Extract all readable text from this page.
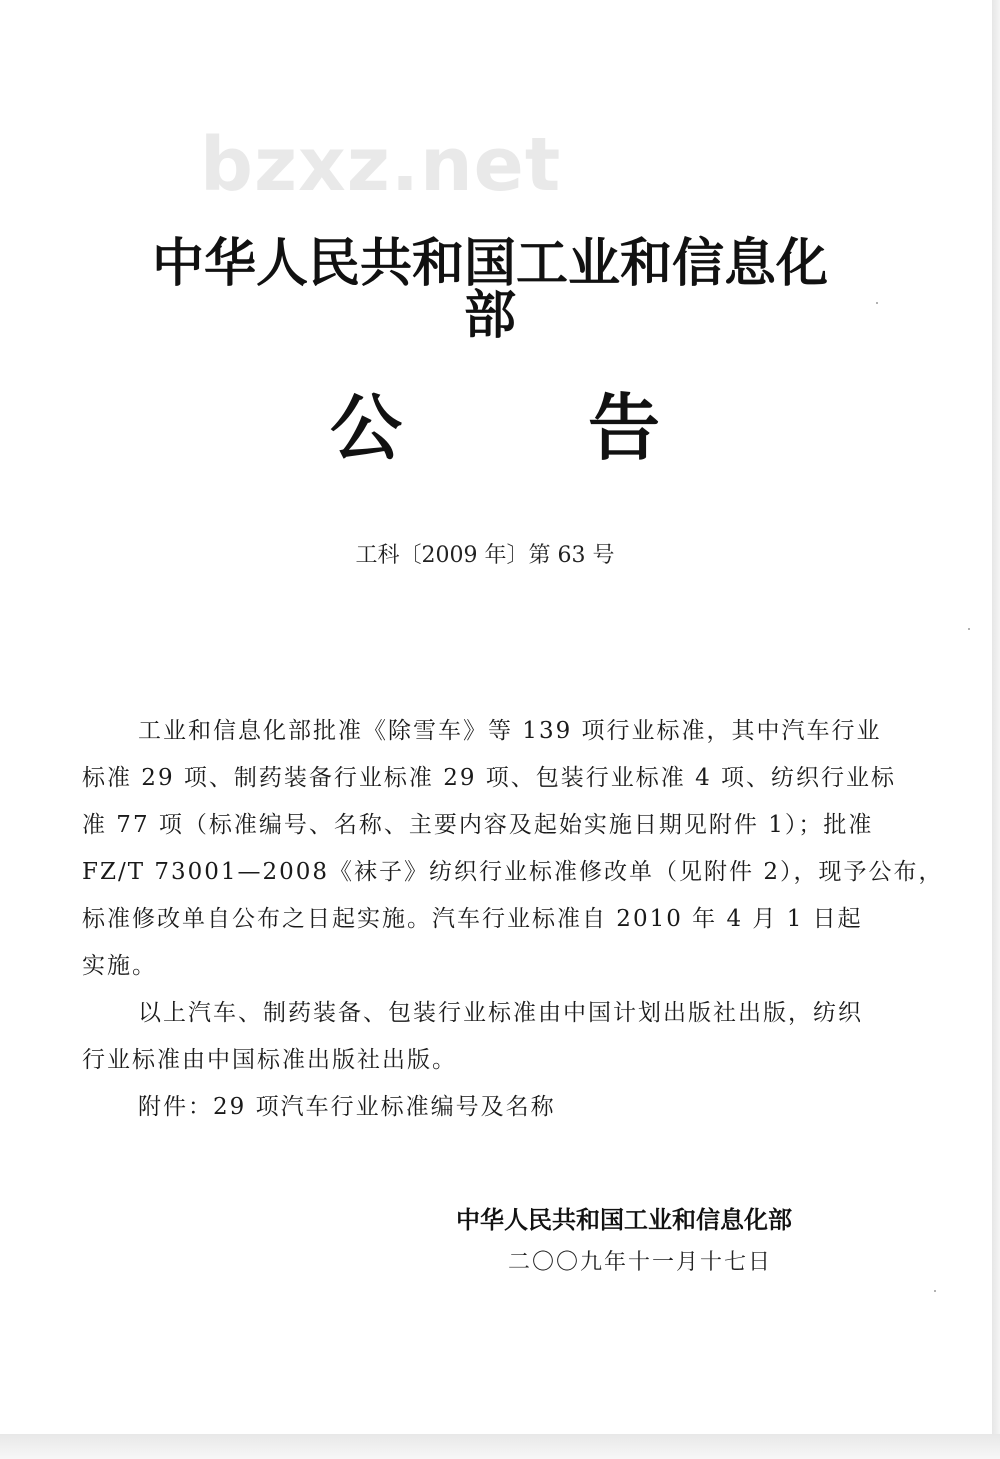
bzxz.net
中华人民共和国工业和信息化部
公	告
工科〔2009 年〕第 63 号
工业和信息化部批准《除雪车》等 139 项行业标准，其中汽车行业
标准 29 项、制药装备行业标准 29 项、包装行业标准 4 项、纺织行业标
准 77 项（标准编号、名称、主要内容及起始实施日期见附件 1）；批准
FZ/T 73001—2008《袜子》纺织行业标准修改单（见附件 2），现予公布，
标准修改单自公布之日起实施。汽车行业标准自 2010 年 4 月 1 日起
实施。
以上汽车、制药装备、包装行业标准由中国计划出版社出版，纺织
行业标准由中国标准出版社出版。
附件：29 项汽车行业标准编号及名称
中华人民共和国工业和信息化部
二〇〇九年十一月十七日
